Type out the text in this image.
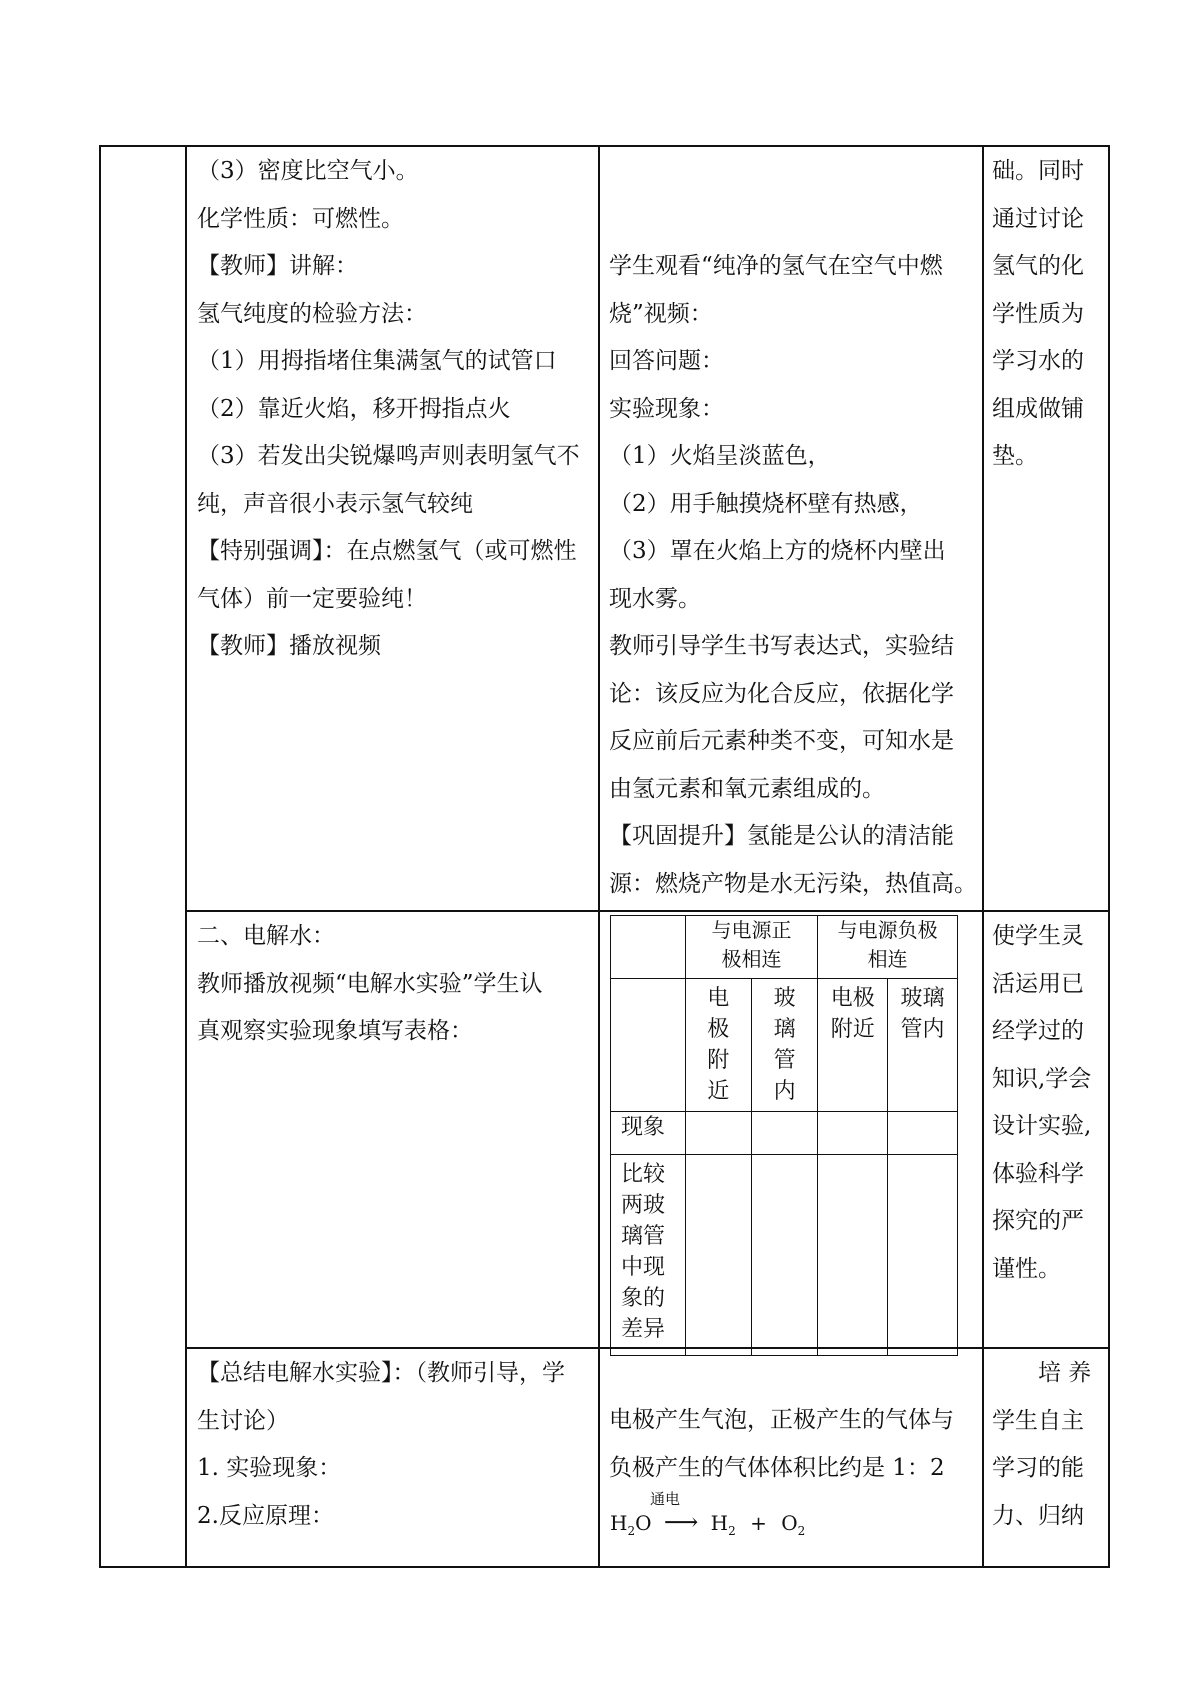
（3）密度比空气小。

化学性质：可燃性。

【教师】讲解：

氢气纯度的检验方法：

（1）用拇指堵住集满氢气的试管口

（2）靠近火焰，移开拇指点火

（3）若发出尖锐爆鸣声则表明氢气不

纯，声音很小表示氢气较纯

【特别强调】：在点燃氢气（或可燃性

气体）前一定要验纯！

【教师】播放视频

学生观看“纯净的氢气在空气中燃

烧”视频：

回答问题：

实验现象：

（1）火焰呈淡蓝色，

（2）用手触摸烧杯壁有热感，

（3）罩在火焰上方的烧杯内壁出

现水雾。

教师引导学生书写表达式，实验结

论：该反应为化合反应，依据化学

反应前后元素种类不变，可知水是

由氢元素和氧元素组成的。

【巩固提升】氢能是公认的清洁能

源：燃烧产物是水无污染，热值高。

础。同时

通过讨论

氢气的化

学性质为

学习水的

组成做铺

垫。

二、电解水：

教师播放视频“电解水实验”学生认

真观察实验现象填写表格：

	与电源正极相连		与电源负极相连	
	电极附近	玻璃管内	电极附近	玻璃管内
现象				
比较两玻璃管中现象的差异				

使学生灵

活运用已

经学过的

知识,学会

设计实验,

体验科学

探究的严

谨性。

【总结电解水实验】：（教师引导，学

生讨论）

1. 实验现象：

2.反应原理：

电极产生气泡，正极产生的气体与

负极产生的气体体积比约是 1：2

通电
$H_2O$ ⟶ $H_2 + O_2$

培 养

学生自主

学习的能

力、归纳
